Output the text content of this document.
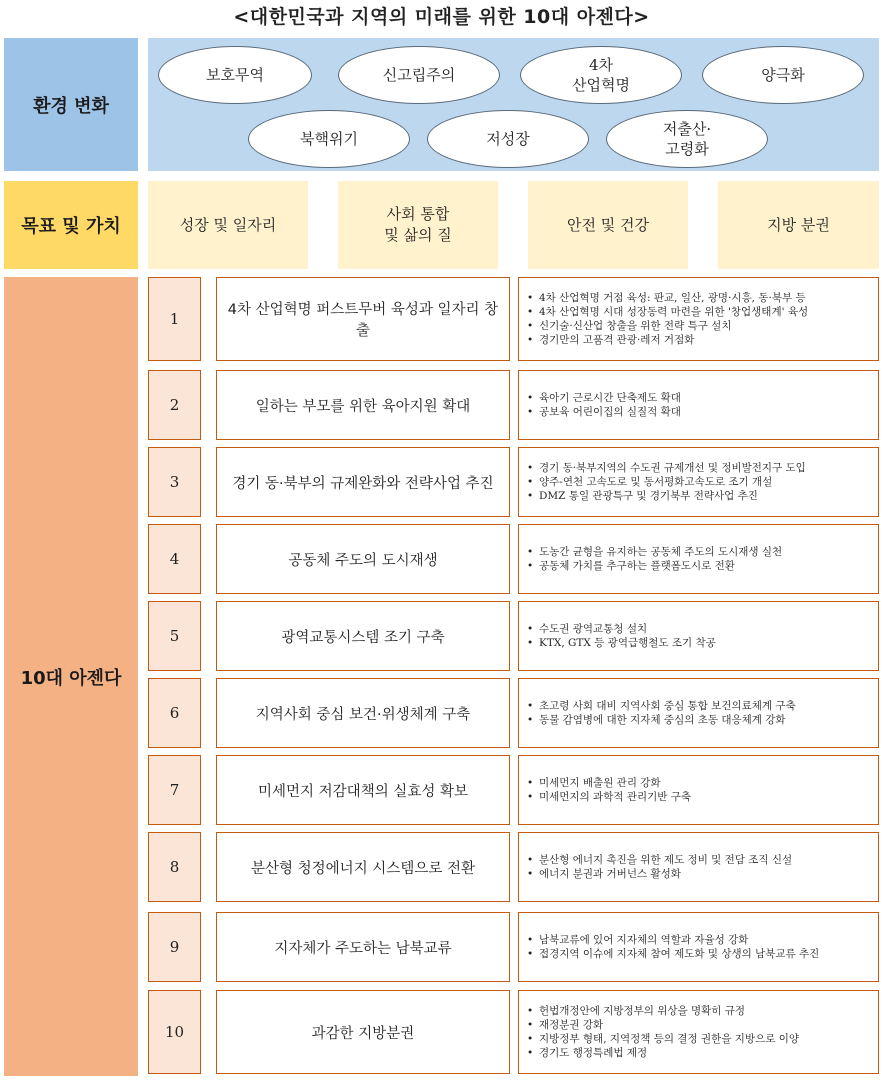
<대한민국과 지역의 미래를 위한 10대 아젠다>
환경 변화
보호무역	신고립주의
4차
산업혁명
양극화
북핵위기	저성장
저출산·
고령화
목표 및 가치	성장 및 일자리
사회 통합
및 삶의 질
안전 및 건강	지방 분권
10대 아젠다
1	4차 산업혁명 퍼스트무버 육성과 일자리 창출
• 4차 산업혁명 거점 육성: 판교, 일산, 광명·시흥, 동·북부 등
• 4차 산업혁명 시대 성장동력 마련을 위한 '창업생태계' 육성
• 신기술·신산업 창출을 위한 전략 특구 설치
• 경기만의 고품격 관광·레저 거점화
2	일하는 부모를 위한 육아지원 확대
• 육아기 근로시간 단축제도 확대
• 공보육 어린이집의 실질적 확대
3	경기 동·북부의 규제완화와 전략사업 추진
• 경기 동·북부지역의 수도권 규제개선 및 정비발전지구 도입
• 양주-연천 고속도로 및 동서평화고속도로 조기 개설
• DMZ 통일 관광특구 및 경기북부 전략사업 추진
4	공동체 주도의 도시재생
• 도농간 균형을 유지하는 공동체 주도의 도시재생 실천
• 공동체 가치를 추구하는 플랫폼도시로 전환
5	광역교통시스템 조기 구축
• 수도권 광역교통청 설치
• KTX, GTX 등 광역급행철도 조기 착공
6	지역사회 중심 보건·위생체계 구축
• 초고령 사회 대비 지역사회 중심 통합 보건의료체계 구축
• 동물 감염병에 대한 지자체 중심의 초동 대응체계 강화
7	미세먼지 저감대책의 실효성 확보
• 미세먼지 배출원 관리 강화
• 미세먼지의 과학적 관리기반 구축
8	분산형 청정에너지 시스템으로 전환
• 분산형 에너지 촉진을 위한 제도 정비 및 전담 조직 신설
• 에너지 분권과 거버넌스 활성화
9	지자체가 주도하는 남북교류
• 남북교류에 있어 지자체의 역할과 자율성 강화
• 접경지역 이슈에 지자체 참여 제도화 및 상생의 남북교류 추진
10	과감한 지방분권
• 헌법개정안에 지방정부의 위상을 명확히 규정
• 재정분권 강화
• 지방정부 형태, 지역정책 등의 결정 권한을 지방으로 이양
• 경기도 행정특례법 제정
